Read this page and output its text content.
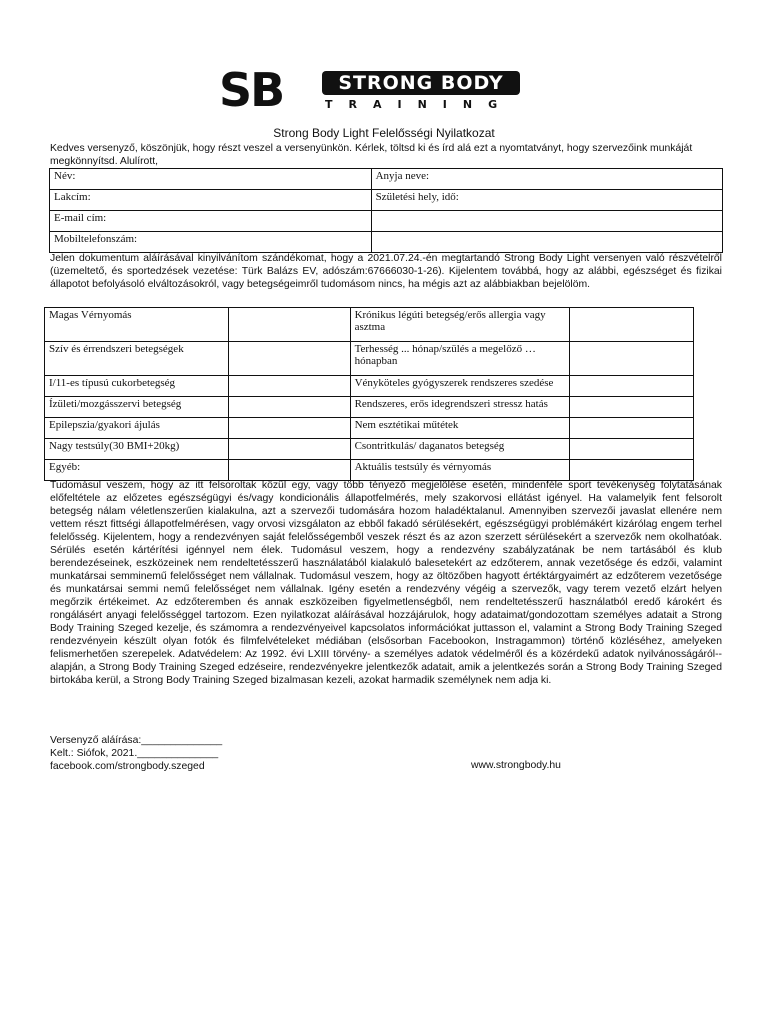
SB	STRONG BODY
TRAINING
Strong Body Light Felelősségi Nyilatkozat
Kedves versenyző, köszönjük, hogy részt veszel a versenyünkön. Kérlek, töltsd ki és írd alá ezt a nyomtatványt, hogy szervezőink munkáját megkönnyítsd. Alulírott,
Név:	Anyja neve:
Lakcím:	Születési hely, idő:
E-mail cím:	
Mobiltelefonszám:	
Jelen dokumentum aláírásával kinyilvánítom szándékomat, hogy a 2021.07.24.-én megtartandó Strong Body Light versenyen való részvételről (üzemeltető, és sportedzések vezetése: Türk Balázs EV, adószám:67666030-1-26). Kijelentem továbbá, hogy az alábbi, egészséget és fizikai állapotot befolyásoló elváltozásokról, vagy betegségeimről tudomásom nincs, ha mégis azt az alábbiakban bejelölöm.
Magas Vérnyomás		Krónikus légúti betegség/erős allergia vagy asztma	
Szív és érrendszeri betegségek		Terhesség ... hónap/szülés a megelőző … hónapban	
I/11-es típusú cukorbetegség		Vényköteles gyógyszerek rendszeres szedése	
Ízületi/mozgásszervi betegség		Rendszeres, erős idegrendszeri stressz hatás	
Epilepszia/gyakori ájulás		Nem esztétikai műtétek	
Nagy testsúly(30 BMI+20kg)		Csontritkulás/ daganatos betegség	
Egyéb:		Aktuális testsúly és vérnyomás	
Tudomásul veszem, hogy az itt felsoroltak közül egy, vagy több tényező megjelölése esetén, mindenféle sport tevékenység folytatásának előfeltétele az előzetes egészségügyi és/vagy kondicionális állapotfelmérés, mely szakorvosi ellátást igényel. Ha valamelyik fent felsorolt betegség nálam véletlenszerűen kialakulna, azt a szervezői tudomására hozom haladéktalanul. Amennyiben szervezői javaslat ellenére nem vettem részt fittségi állapotfelmérésen, vagy orvosi vizsgálaton az ebből fakadó sérülésekért, egészségügyi problémákért kizárólag engem terhel felelősség. Kijelentem, hogy a rendezvényen saját felelősségemből veszek részt és az azon szerzett sérülésekért a szervezők nem okolhatóak. Sérülés esetén kártérítési igénnyel nem élek. Tudomásul veszem, hogy a rendezvény szabályzatának be nem tartásából és klub berendezéseinek, eszközeinek nem rendeltetésszerű használatából kialakuló balesetekért az edzőterem, annak vezetősége és edzői, valamint munkatársai semminemű felelősséget nem vállalnak. Tudomásul veszem, hogy az öltözőben hagyott értéktárgyaimért az edzőterem vezetősége és munkatársai semmi nemű felelősséget nem vállalnak. Igény esetén a rendezvény végéig a szervezők, vagy terem vezető elzárt helyen megőrzik értékeimet. Az edzőteremben és annak eszközeiben figyelmetlenségből, nem rendeltetésszerű használatból eredő károkért és rongálásért anyagi felelősséggel tartozom. Ezen nyilatkozat aláírásával hozzájárulok, hogy adataimat/gondozottam személyes adatait a Strong Body Training Szeged kezelje, és számomra a rendezvényeivel kapcsolatos információkat juttasson el, valamint a Strong Body Training Szeged rendezvényein készült olyan fotók és filmfelvételeket médiában (elsősorban Facebookon, Instragammon) történő közléséhez, amelyeken felismerhetően szerepelek. Adatvédelem: Az 1992. évi LXIII törvény- a személyes adatok védelméről és a közérdekű adatok nyilvánosságáról-- alapján, a Strong Body Training Szeged edzéseire, rendezvényekre jelentkezők adatait, amik a jelentkezés során a Strong Body Training Szeged birtokába kerül, a Strong Body Training Szeged bizalmasan kezeli, azokat harmadik személynek nem adja ki.
Versenyző aláírása:______________
Kelt.: Siófok, 2021.______________
facebook.com/strongbody.szeged	www.strongbody.hu
